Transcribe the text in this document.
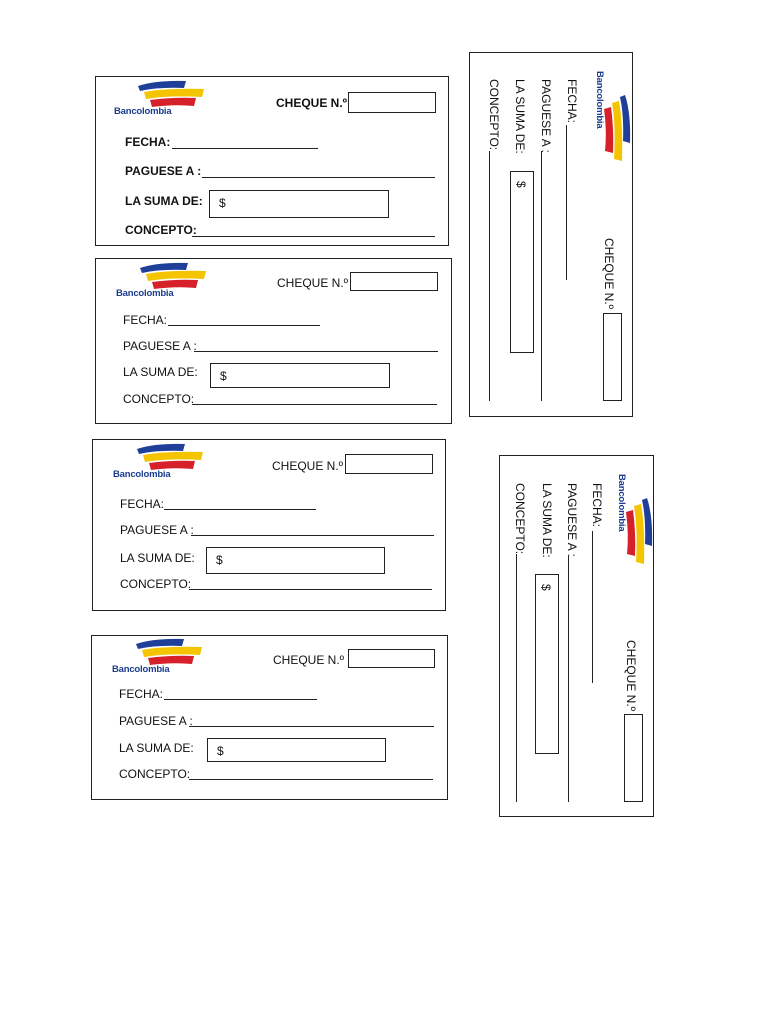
Bancolombia
CHEQUE N.º
FECHA:
PAGUESE A :
LA SUMA DE: $
CONCEPTO:
Bancolombia
CHEQUE N.º
FECHA:
PAGUESE A :
LA SUMA DE: $
CONCEPTO:
Bancolombia
CHEQUE N.º
FECHA:
PAGUESE A :
LA SUMA DE: $
CONCEPTO:
Bancolombia
CHEQUE N.º
FECHA:
PAGUESE A :
LA SUMA DE: $
CONCEPTO:
Bancolombia
CHEQUE N.º
FECHA:
PAGUESE A :
LA SUMA DE:
$
CONCEPTO:
Bancolombia
CHEQUE N.º
FECHA:
PAGUESE A :
LA SUMA DE:
$
CONCEPTO:
